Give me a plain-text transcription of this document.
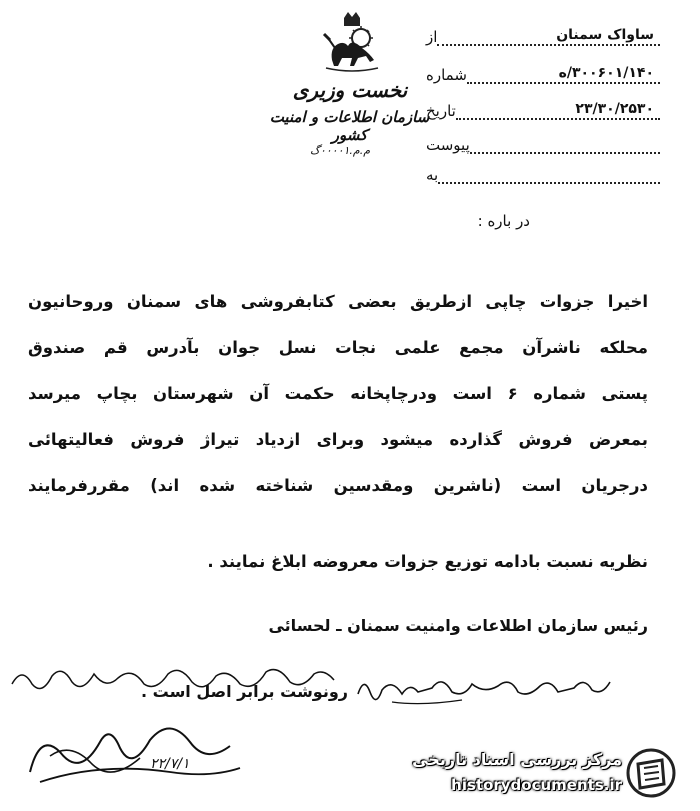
نخست وزیری
سازمان اطلاعات و امنیت کشور
م.م.۰۰۰۰۱گ
از	ساواک سمنان
شماره	۳۰۰۶۰۱/۱۴۰/ه
تاریخ	۲۳/۳۰/۲۵۳۰
پیوست
به
در باره :
اخیرا جزوات چاپی ازطریق بعضی کتابفروشی های سمنان وروحانیون
محلکه ناشرآن مجمع علمی نجات نسل جوان بآدرس قم صندوق
پستی شماره ۶ است ودرچاپخانه حکمت آن شهرستان بچاپ میرسد
بمعرض فروش گذارده میشود وبرای ازدیاد تیراژ فروش فعالیتهائی
درجریان است (ناشرین ومقدسین شناخته شده اند) مقررفرمایند
نظریه نسبت بادامه توزیع جزوات معروضه ابلاغ نمایند .
رئیس سازمان اطلاعات وامنیت سمنان ـ لحسائی
رونوشت برابر اصل است .
۲۲/۷/۱	مرکز بررسی اسناد تاریخی
historydocuments.ir
